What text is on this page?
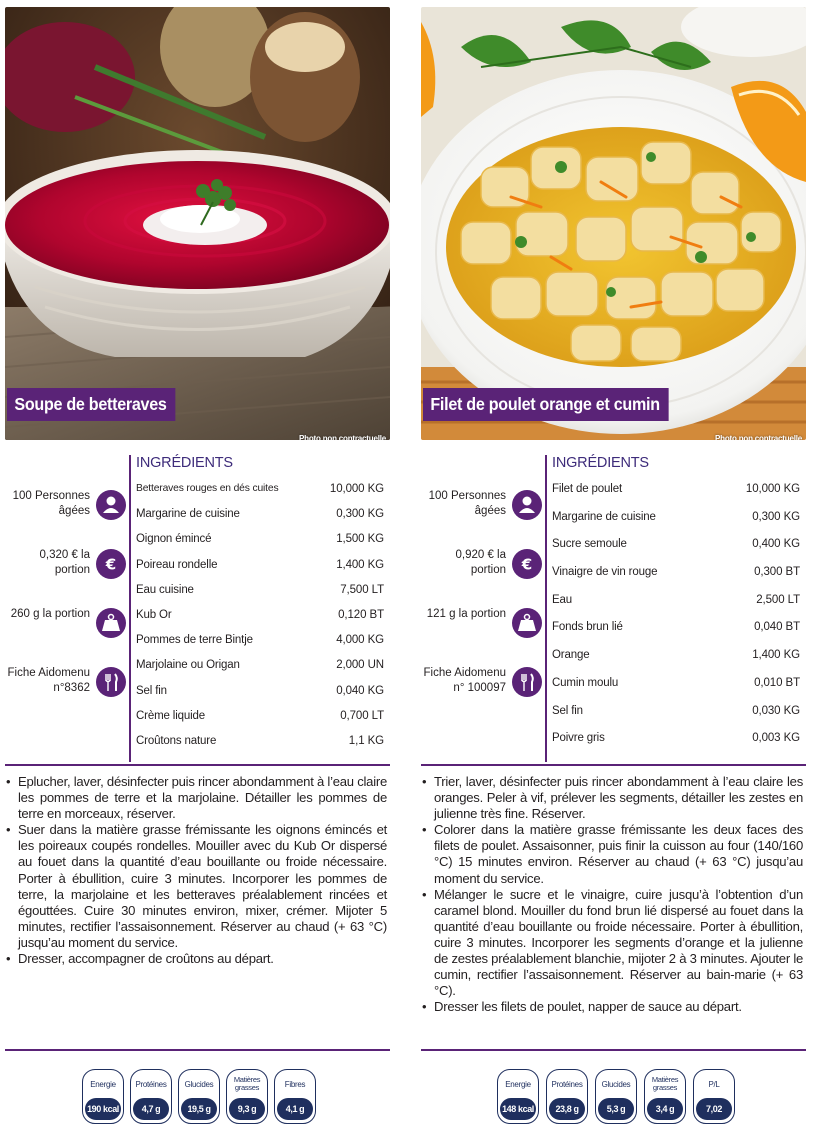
Soupe de betteraves
Photo non contractuelle
INGRÉDIENTS
100 Personnes âgées
0,320 € la portion €
260 g la portion
Fiche Aidomenu n°8362
Betteraves rouges en dés cuites	10,000 KG
Margarine de cuisine	0,300 KG
Oignon émincé	1,500 KG
Poireau rondelle	1,400 KG
Eau cuisine	7,500 LT
Kub Or	0,120 BT
Pommes de terre Bintje	4,000 KG
Marjolaine ou Origan	2,000 UN
Sel fin	0,040 KG
Crème liquide	0,700 LT
Croûtons nature	1,1 KG
• Eplucher, laver, désinfecter puis rincer abondamment à l’eau claire les pommes de terre et la marjolaine. Détailler les pommes de terre en morceaux, réserver.
• Suer dans la matière grasse frémissante les oignons émincés et les poireaux coupés rondelles. Mouiller avec du Kub Or dispersé au fouet dans la quantité d’eau bouillante ou froide nécessaire. Porter à ébullition, cuire 3 minutes. Incorporer les pommes de terre, la marjolaine et les betteraves préalablement rincées et égouttées. Cuire 30 minutes environ, mixer, crémer. Mijoter 5 minutes, rectifier l’assaisonnement. Réserver au chaud (+ 63 °C) jusqu’au moment du service.
• Dresser, accompagner de croûtons au départ.
Energie
190 kcal
Protéines
4,7 g
Glucides
19,5 g
Matières grasses
9,3 g
Fibres
4,1 g
Filet de poulet orange et cumin
Photo non contractuelle
INGRÉDIENTS
100 Personnes âgées
0,920 € la portion €
121 g la portion
Fiche Aidomenu n° 100097
Filet de poulet	10,000 KG
Margarine de cuisine	0,300 KG
Sucre semoule	0,400 KG
Vinaigre de vin rouge	0,300 BT
Eau	2,500 LT
Fonds brun lié	0,040 BT
Orange	1,400 KG
Cumin moulu	0,010 BT
Sel fin	0,030 KG
Poivre gris	0,003 KG
• Trier, laver, désinfecter puis rincer abondamment à l’eau claire les oranges. Peler à vif, prélever les segments, détailler les zestes en julienne très fine. Réserver.
• Colorer dans la matière grasse frémissante les deux faces des filets de poulet. Assaisonner, puis finir la cuisson au four (140/160 °C) 15 minutes environ. Réserver au chaud (+ 63 °C) jusqu’au moment du service.
• Mélanger le sucre et le vinaigre, cuire jusqu’à l’obtention d’un caramel blond. Mouiller du fond brun lié dispersé au fouet dans la quantité d’eau bouillante ou froide nécessaire. Porter à ébullition, cuire 3 minutes. Incorporer les segments d’orange et la julienne de zestes préalablement blanchie, mijoter 2 à 3 minutes. Ajouter le cumin, rectifier l’assaisonnement. Réserver au bain-marie (+ 63 °C).
• Dresser les filets de poulet, napper de sauce au départ.
Energie
148 kcal
Protéines
23,8 g
Glucides
5,3 g
Matières grasses
3,4 g
P/L
7,02
